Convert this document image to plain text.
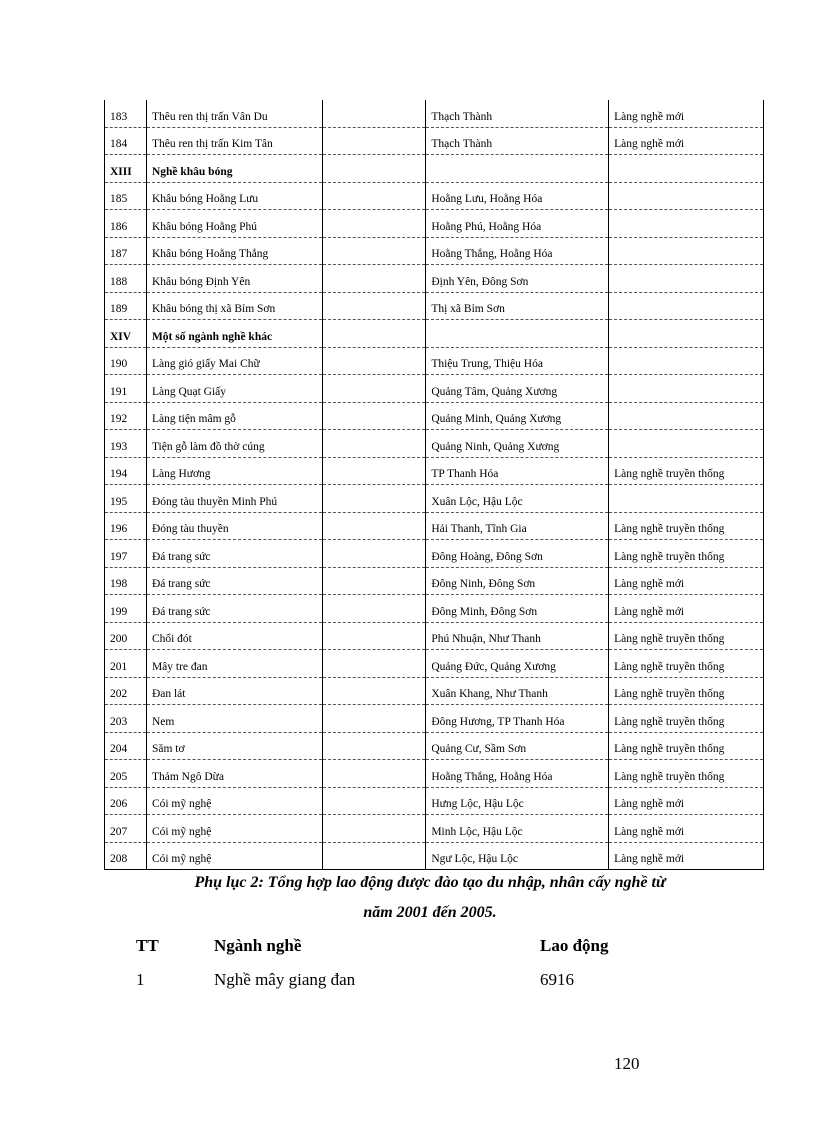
183	Thêu ren thị trấn Vân Du		Thạch Thành	Làng nghề mới
184	Thêu ren thị trấn Kim Tân		Thạch Thành	Làng nghề mới
XIII	Nghề khâu bóng			
185	Khâu bóng Hoằng Lưu		Hoằng Lưu, Hoằng Hóa	
186	Khâu bóng Hoằng Phú		Hoằng Phú, Hoằng Hóa	
187	Khâu bóng Hoằng Thắng		Hoằng Thắng, Hoằng Hóa	
188	Khâu bóng Định Yên		Định Yên, Đông Sơn	
189	Khâu bóng thị xã Bỉm Sơn		Thị xã Bỉm Sơn	
XIV	Một số ngành nghề khác			
190	Làng gió giấy Mai Chữ		Thiệu Trung, Thiệu Hóa	
191	Làng Quạt Giấy		Quảng Tâm, Quảng Xương	
192	Làng tiện mâm gỗ		Quảng Minh, Quảng Xương	
193	Tiện gỗ làm đồ thờ cúng		Quảng Ninh, Quảng Xương	
194	Làng Hương		TP Thanh Hóa	Làng nghề truyền thống
195	Đóng tàu thuyền Minh Phú		Xuân Lộc, Hậu Lộc	
196	Đóng tàu thuyền		Hải Thanh, Tĩnh Gia	Làng nghề truyền thống
197	Đá trang sức		Đông Hoàng, Đông Sơn	Làng nghề truyền thống
198	Đá trang sức		Đông Ninh, Đông Sơn	Làng nghề mới
199	Đá trang sức		Đông Minh, Đông Sơn	Làng nghề mới
200	Chổi đót		Phú Nhuận, Như Thanh	Làng nghề truyền thống
201	Mây tre đan		Quảng Đức, Quảng Xương	Làng nghề truyền thống
202	Đan lát		Xuân Khang, Như Thanh	Làng nghề truyền thống
203	Nem		Đông Hương, TP Thanh Hóa	Làng nghề truyền thống
204	Săm tơ		Quảng Cư, Sầm Sơn	Làng nghề truyền thống
205	Thảm Ngô Dừa		Hoằng Thắng, Hoằng Hóa	Làng nghề truyền thống
206	Cói mỹ nghệ		Hưng Lộc, Hậu Lộc	Làng nghề mới
207	Cói mỹ nghệ		Minh Lộc, Hậu Lộc	Làng nghề mới
208	Cói mỹ nghệ		Ngư Lộc, Hậu Lộc	Làng nghề mới
Phụ lục 2: Tổng hợp lao động được đào tạo du nhập, nhân cấy nghề từ
năm 2001 đến 2005.
TT	Ngành nghề	Lao động
1	Nghề mây giang đan	6916
120
